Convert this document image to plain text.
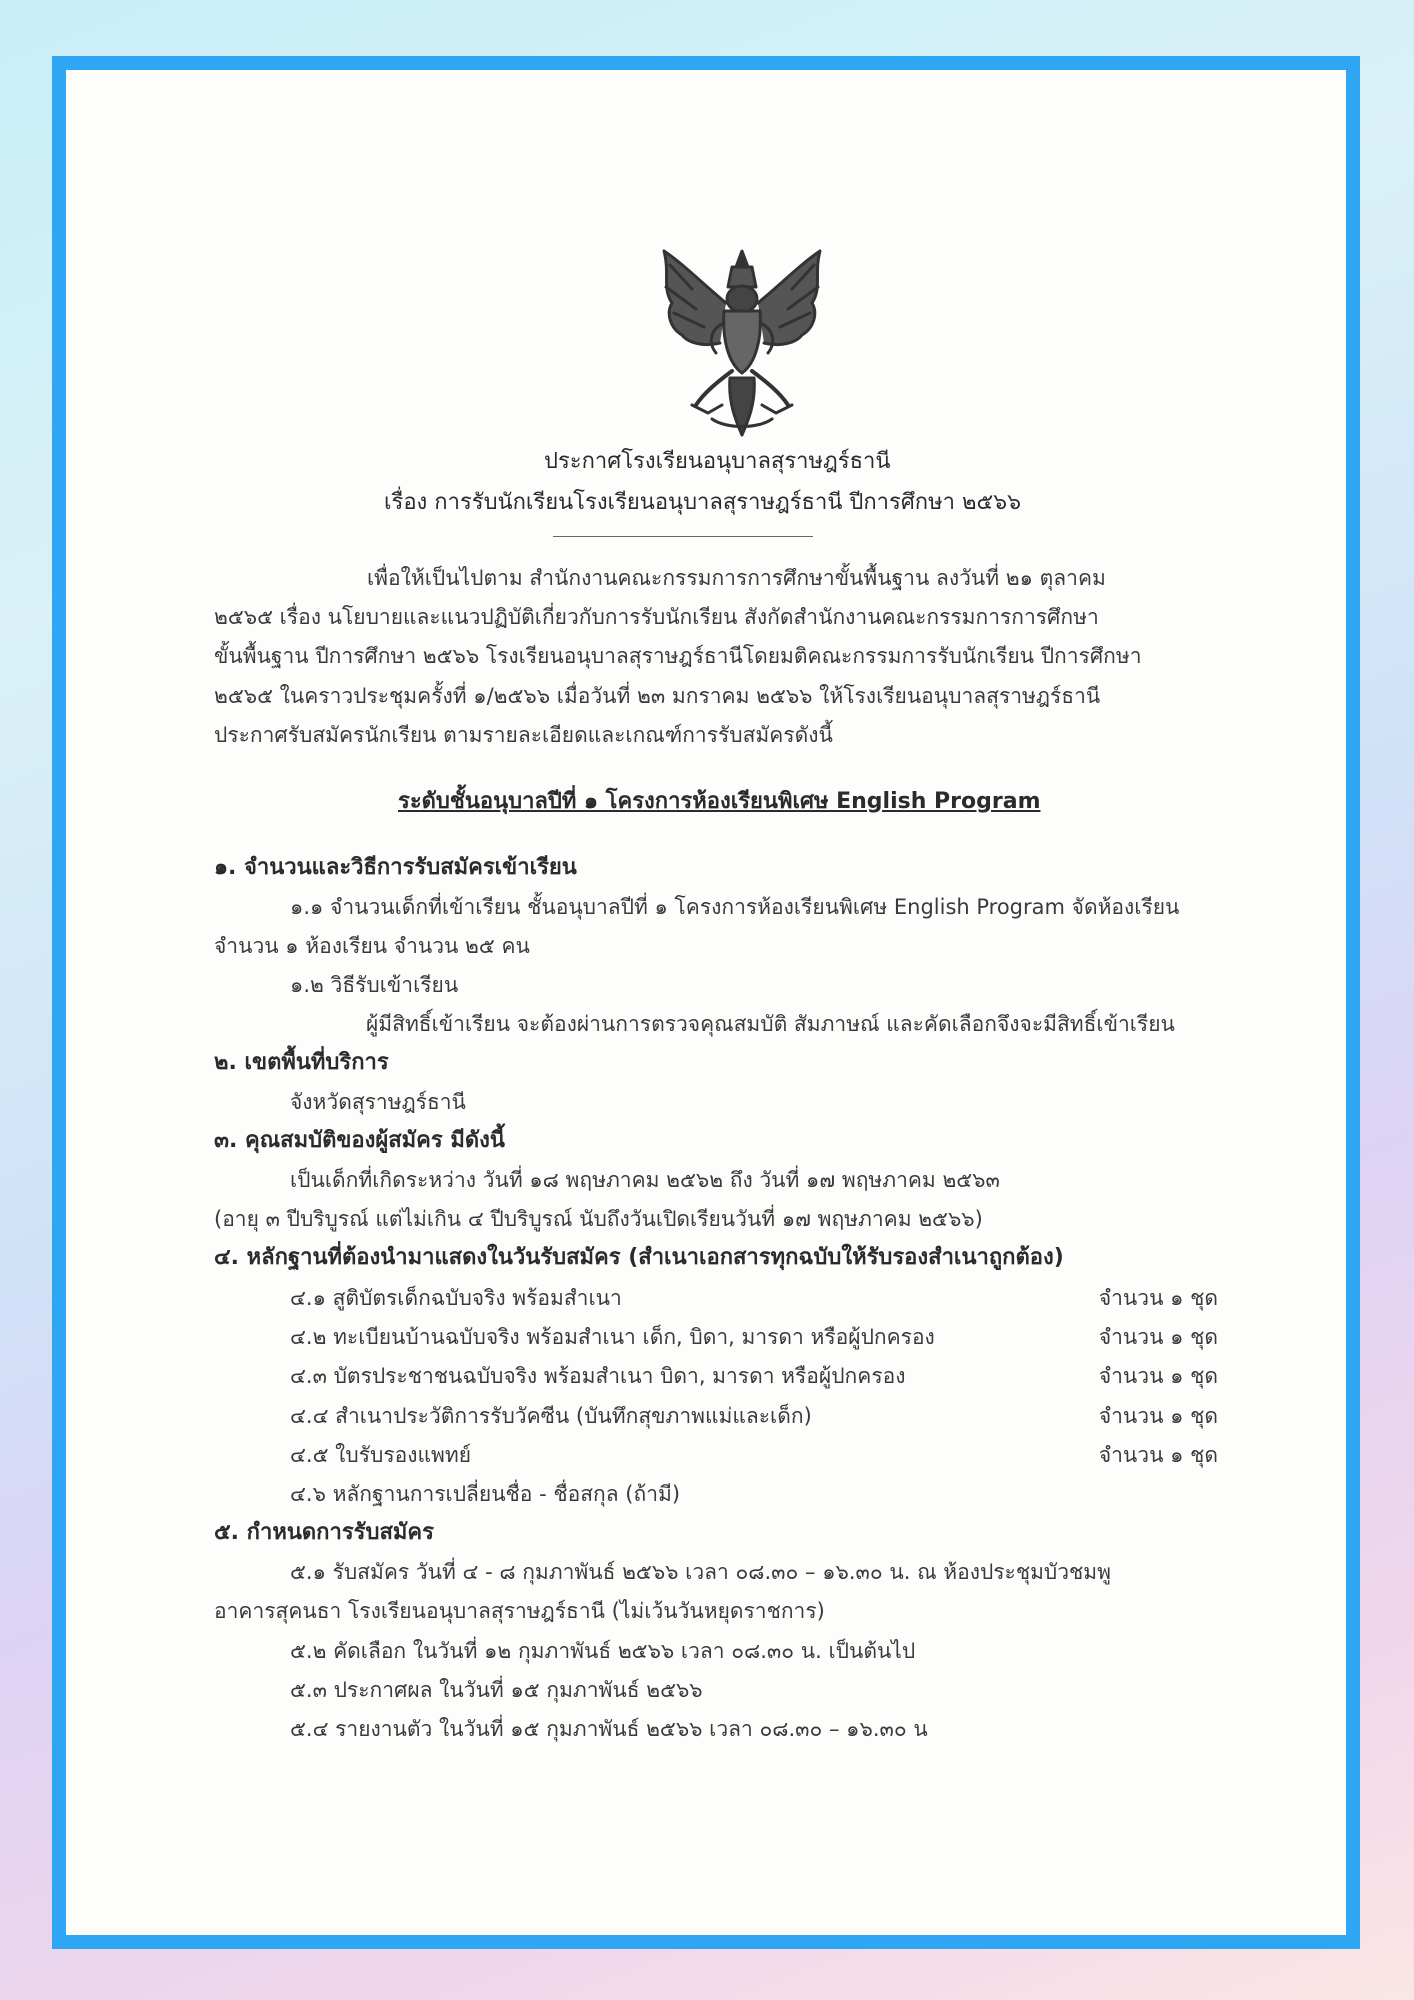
ประกาศโรงเรียนอนุบาลสุราษฎร์ธานี
เรื่อง การรับนักเรียนโรงเรียนอนุบาลสุราษฎร์ธานี ปีการศึกษา ๒๕๖๖
เพื่อให้เป็นไปตาม สำนักงานคณะกรรมการการศึกษาขั้นพื้นฐาน ลงวันที่ ๒๑ ตุลาคม
๒๕๖๕ เรื่อง นโยบายและแนวปฏิบัติเกี่ยวกับการรับนักเรียน สังกัดสำนักงานคณะกรรมการการศึกษา
ขั้นพื้นฐาน ปีการศึกษา ๒๕๖๖ โรงเรียนอนุบาลสุราษฎร์ธานีโดยมติคณะกรรมการรับนักเรียน ปีการศึกษา
๒๕๖๕ ในคราวประชุมครั้งที่ ๑/๒๕๖๖ เมื่อวันที่ ๒๓ มกราคม ๒๕๖๖ ให้โรงเรียนอนุบาลสุราษฎร์ธานี
ประกาศรับสมัครนักเรียน ตามรายละเอียดและเกณฑ์การรับสมัครดังนี้
ระดับชั้นอนุบาลปีที่ ๑ โครงการห้องเรียนพิเศษ English Program
๑. จำนวนและวิธีการรับสมัครเข้าเรียน
๑.๑ จำนวนเด็กที่เข้าเรียน ชั้นอนุบาลปีที่ ๑ โครงการห้องเรียนพิเศษ English Program จัดห้องเรียน
จำนวน ๑ ห้องเรียน จำนวน ๒๕ คน
๑.๒ วิธีรับเข้าเรียน
ผู้มีสิทธิ์เข้าเรียน จะต้องผ่านการตรวจคุณสมบัติ สัมภาษณ์ และคัดเลือกจึงจะมีสิทธิ์เข้าเรียน
๒. เขตพื้นที่บริการ
จังหวัดสุราษฎร์ธานี
๓. คุณสมบัติของผู้สมัคร มีดังนี้
เป็นเด็กที่เกิดระหว่าง วันที่ ๑๘ พฤษภาคม ๒๕๖๒ ถึง วันที่ ๑๗ พฤษภาคม ๒๕๖๓
(อายุ ๓ ปีบริบูรณ์ แต่ไม่เกิน ๔ ปีบริบูรณ์ นับถึงวันเปิดเรียนวันที่ ๑๗ พฤษภาคม ๒๕๖๖)
๔. หลักฐานที่ต้องนำมาแสดงในวันรับสมัคร (สำเนาเอกสารทุกฉบับให้รับรองสำเนาถูกต้อง)
๔.๑ สูติบัตรเด็กฉบับจริง พร้อมสำเนา	จำนวน ๑ ชุด
๔.๒ ทะเบียนบ้านฉบับจริง พร้อมสำเนา เด็ก, บิดา, มารดา หรือผู้ปกครอง	จำนวน ๑ ชุด
๔.๓ บัตรประชาชนฉบับจริง พร้อมสำเนา บิดา, มารดา หรือผู้ปกครอง	จำนวน ๑ ชุด
๔.๔ สำเนาประวัติการรับวัคซีน (บันทึกสุขภาพแม่และเด็ก)	จำนวน ๑ ชุด
๔.๕ ใบรับรองแพทย์	จำนวน ๑ ชุด
๔.๖ หลักฐานการเปลี่ยนชื่อ - ชื่อสกุล (ถ้ามี)
๕. กำหนดการรับสมัคร
๕.๑ รับสมัคร วันที่ ๔ - ๘ กุมภาพันธ์ ๒๕๖๖ เวลา ๐๘.๓๐ – ๑๖.๓๐ น. ณ ห้องประชุมบัวชมพู
อาคารสุคนธา โรงเรียนอนุบาลสุราษฎร์ธานี (ไม่เว้นวันหยุดราชการ)
๕.๒ คัดเลือก ในวันที่ ๑๒ กุมภาพันธ์ ๒๕๖๖ เวลา ๐๘.๓๐ น. เป็นต้นไป
๕.๓ ประกาศผล ในวันที่ ๑๕ กุมภาพันธ์ ๒๕๖๖
๕.๔ รายงานตัว ในวันที่ ๑๕ กุมภาพันธ์ ๒๕๖๖ เวลา ๐๘.๓๐ – ๑๖.๓๐ น
